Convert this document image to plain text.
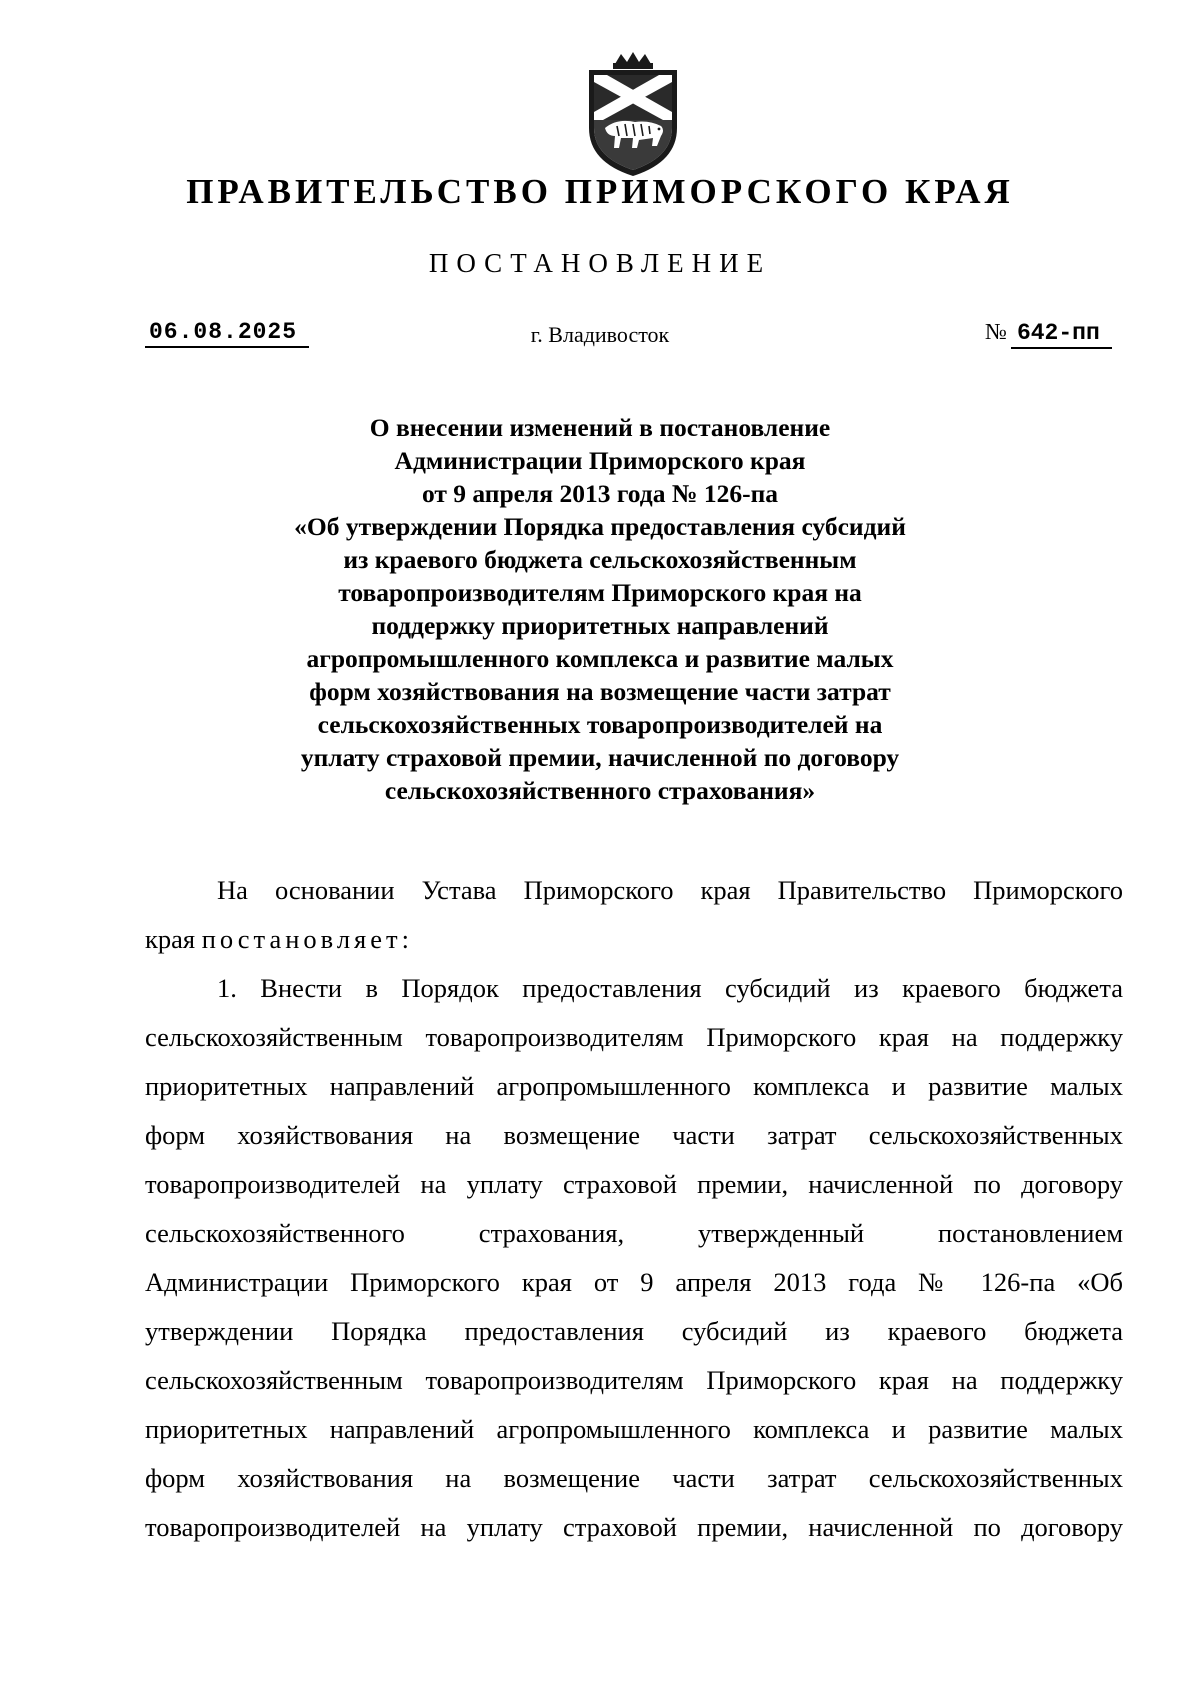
ПРАВИТЕЛЬСТВО ПРИМОРСКОГО КРАЯ
ПОСТАНОВЛЕНИЕ
06.08.2025	г. Владивосток	№ 642-пп
О внесении изменений в постановление
Администрации Приморского края
от 9 апреля 2013 года № 126-па
«Об утверждении Порядка предоставления субсидий
из краевого бюджета сельскохозяйственным
товаропроизводителям Приморского края на
поддержку приоритетных направлений
агропромышленного комплекса и развитие малых
форм хозяйствования на возмещение части затрат
сельскохозяйственных товаропроизводителей на
уплату страховой премии, начисленной по договору
сельскохозяйственного страхования»
На основании Устава Приморского края Правительство Приморского
края постановляет:
1. Внести в Порядок предоставления субсидий из краевого бюджета
сельскохозяйственным товаропроизводителям Приморского края на поддержку
приоритетных направлений агропромышленного комплекса и развитие малых
форм хозяйствования на возмещение части затрат сельскохозяйственных
товаропроизводителей на уплату страховой премии, начисленной по договору
сельскохозяйственного страхования, утвержденный постановлением
Администрации Приморского края от 9 апреля 2013 года № 126-па «Об
утверждении Порядка предоставления субсидий из краевого бюджета
сельскохозяйственным товаропроизводителям Приморского края на поддержку
приоритетных направлений агропромышленного комплекса и развитие малых
форм хозяйствования на возмещение части затрат сельскохозяйственных
товаропроизводителей на уплату страховой премии, начисленной по договору
